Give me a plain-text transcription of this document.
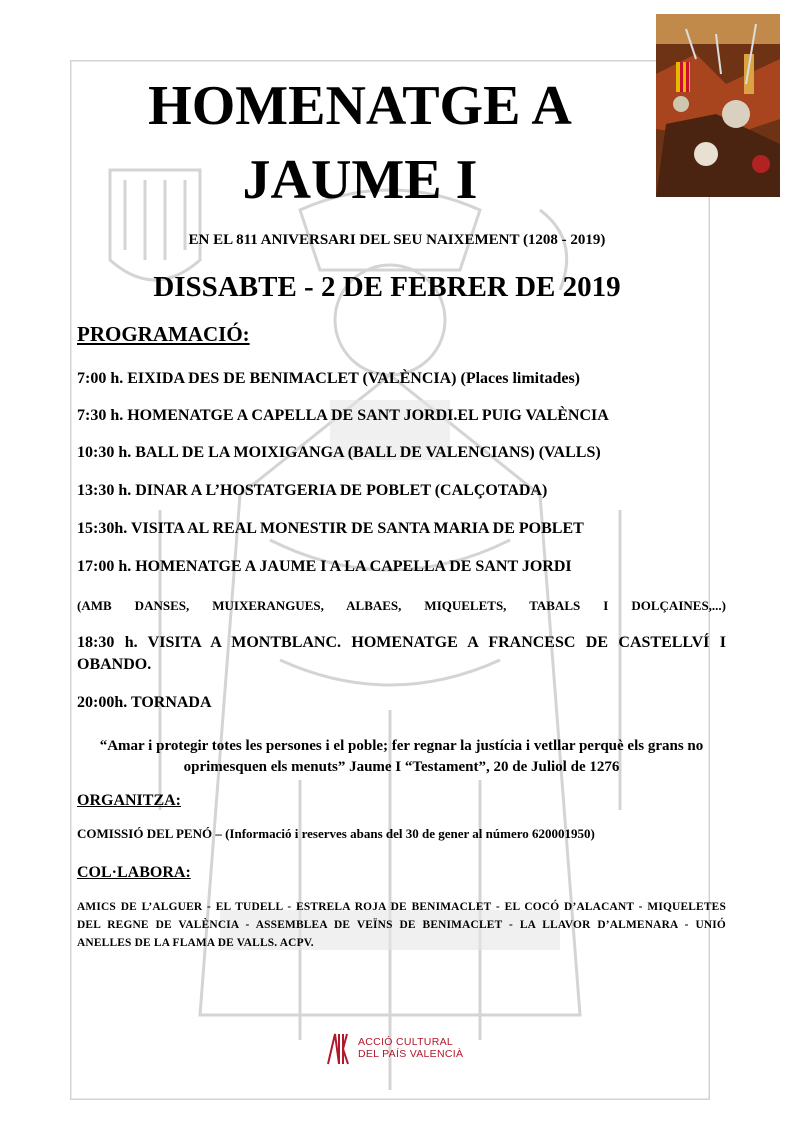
HOMENATGE A
JAUME I
EN EL 811 ANIVERSARI DEL SEU NAIXEMENT (1208 - 2019)
DISSABTE - 2 DE FEBRER DE 2019
PROGRAMACIÓ:
7:00 h. EIXIDA DES DE BENIMACLET (VALÈNCIA) (Places limitades)
7:30 h. HOMENATGE A CAPELLA DE SANT JORDI.EL PUIG VALÈNCIA
10:30 h. BALL DE LA MOIXIGANGA (BALL DE VALENCIANS) (VALLS)
13:30 h. DINAR A L’HOSTATGERIA DE POBLET (CALÇOTADA)
15:30h. VISITA AL REAL MONESTIR DE SANTA MARIA DE POBLET
17:00 h. HOMENATGE A JAUME I A LA CAPELLA DE SANT JORDI
(AMB DANSES, MUIXERANGUES, ALBAES, MIQUELETS, TABALS I DOLÇAINES,...)
18:30 h. VISITA A MONTBLANC. HOMENATGE A FRANCESC DE CASTELLVÍ I OBANDO.
20:00h. TORNADA
“Amar i protegir totes les persones i el poble; fer regnar la justícia i vetllar perquè els grans no oprimesquen els menuts” Jaume I “Testament”, 20 de Juliol de 1276
ORGANITZA:
COMISSIÓ DEL PENÓ – (Informació i reserves abans del 30 de gener al número 620001950)
COL·LABORA:
AMICS DE L’ALGUER - EL TUDELL - ESTRELA ROJA DE BENIMACLET - EL COCÓ D’ALACANT - MIQUELETES DEL REGNE DE VALÈNCIA - ASSEMBLEA DE VEÏNS DE BENIMACLET - LA LLAVOR D’ALMENARA - UNIÓ ANELLES DE LA FLAMA DE VALLS. ACPV.
ACCIÓ CULTURAL
DEL PAÍS VALENCIÀ
